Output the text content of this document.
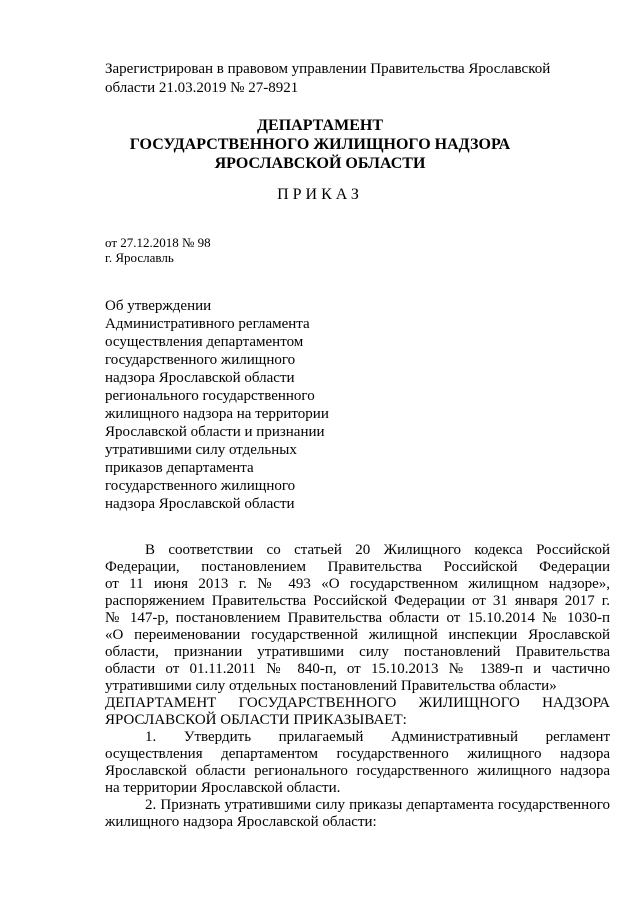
Зарегистрирован в правовом управлении Правительства Ярославской
области 21.03.2019 № 27-8921
ДЕПАРТАМЕНТ
ГОСУДАРСТВЕННОГО ЖИЛИЩНОГО НАДЗОРА
ЯРОСЛАВСКОЙ ОБЛАСТИ
ПРИКАЗ
от 27.12.2018 № 98
г. Ярославль
Об утверждении
Административного регламента
осуществления департаментом
государственного жилищного
надзора Ярославской области
регионального государственного
жилищного надзора на территории
Ярославской области и признании
утратившими силу отдельных
приказов департамента
государственного жилищного
надзора Ярославской области
В соответствии со статьей 20 Жилищного кодекса Российской
Федерации, постановлением Правительства Российской Федерации
от 11 июня 2013 г. № 493 «О государственном жилищном надзоре»,
распоряжением Правительства Российской Федерации от 31 января 2017 г.
№ 147-р, постановлением Правительства области от 15.10.2014 № 1030-п
«О переименовании государственной жилищной инспекции Ярославской
области, признании утратившими силу постановлений Правительства
области от 01.11.2011 № 840-п, от 15.10.2013 № 1389-п и частично
утратившими силу отдельных постановлений Правительства области»
ДЕПАРТАМЕНТ ГОСУДАРСТВЕННОГО ЖИЛИЩНОГО НАДЗОРА
ЯРОСЛАВСКОЙ ОБЛАСТИ ПРИКАЗЫВАЕТ:
1. Утвердить прилагаемый Административный регламент
осуществления департаментом государственного жилищного надзора
Ярославской области регионального государственного жилищного надзора
на территории Ярославской области.
2. Признать утратившими силу приказы департамента государственного
жилищного надзора Ярославской области:
